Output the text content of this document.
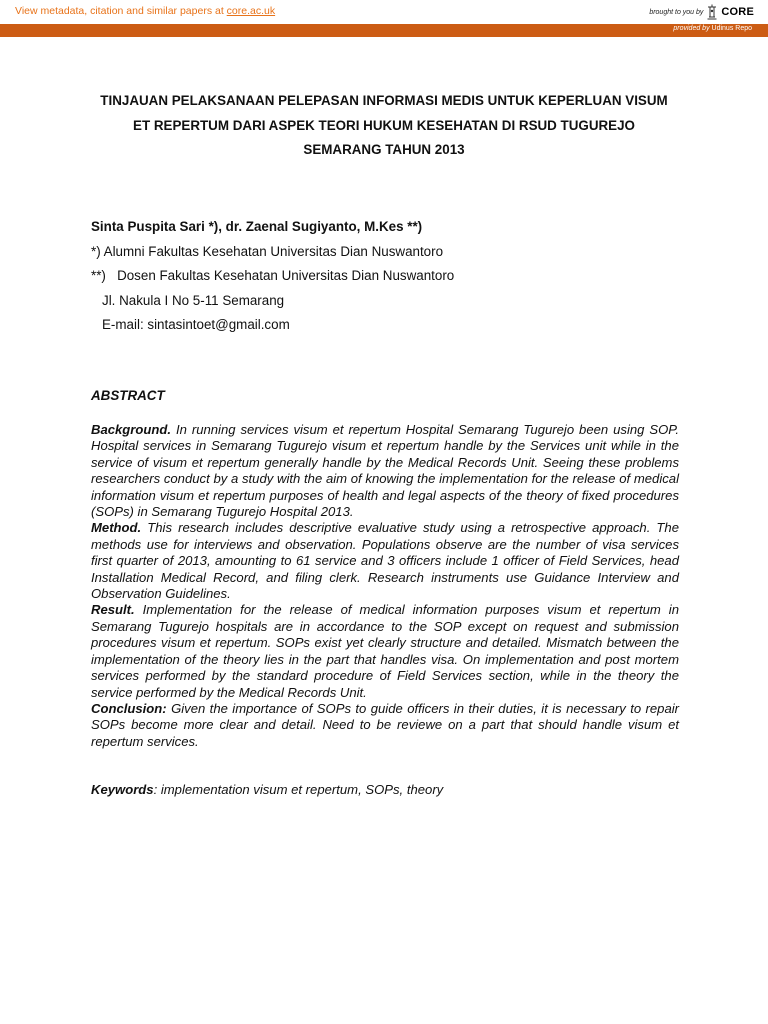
View metadata, citation and similar papers at core.ac.uk	brought to you by CORE
provided by Udinus Repo
TINJAUAN PELAKSANAAN PELEPASAN INFORMASI MEDIS UNTUK KEPERLUAN VISUM
ET REPERTUM DARI ASPEK TEORI HUKUM KESEHATAN DI RSUD TUGUREJO
SEMARANG TAHUN 2013
Sinta Puspita Sari *), dr. Zaenal Sugiyanto, M.Kes **)
*) Alumni Fakultas Kesehatan Universitas Dian Nuswantoro
**) Dosen Fakultas Kesehatan Universitas Dian Nuswantoro
Jl. Nakula I No 5-11 Semarang
E-mail: sintasintoet@gmail.com
ABSTRACT

Background. In running services visum et repertum Hospital Semarang Tugurejo been using SOP. Hospital services in Semarang Tugurejo visum et repertum handle by the Services unit while in the service of visum et repertum generally handle by the Medical Records Unit. Seeing these problems researchers conduct by a study with the aim of knowing the implementation for the release of medical information visum et repertum purposes of health and legal aspects of the theory of fixed procedures (SOPs) in Semarang Tugurejo Hospital 2013.

Method. This research includes descriptive evaluative study using a retrospective approach. The methods use for interviews and observation. Populations observe are the number of visa services first quarter of 2013, amounting to 61 service and 3 officers include 1 officer of Field Services, head Installation Medical Record, and filing clerk. Research instruments use Guidance Interview and Observation Guidelines.

Result. Implementation for the release of medical information purposes visum et repertum in Semarang Tugurejo hospitals are in accordance to the SOP except on request and submission procedures visum et repertum. SOPs exist yet clearly structure and detailed. Mismatch between the implementation of the theory lies in the part that handles visa. On implementation and post mortem services performed by the standard procedure of Field Services section, while in the theory the service performed by the Medical Records Unit.

Conclusion: Given the importance of SOPs to guide officers in their duties, it is necessary to repair SOPs become more clear and detail. Need to be reviewe on a part that should handle visum et repertum services.

Keywords: implementation visum et repertum, SOPs, theory
